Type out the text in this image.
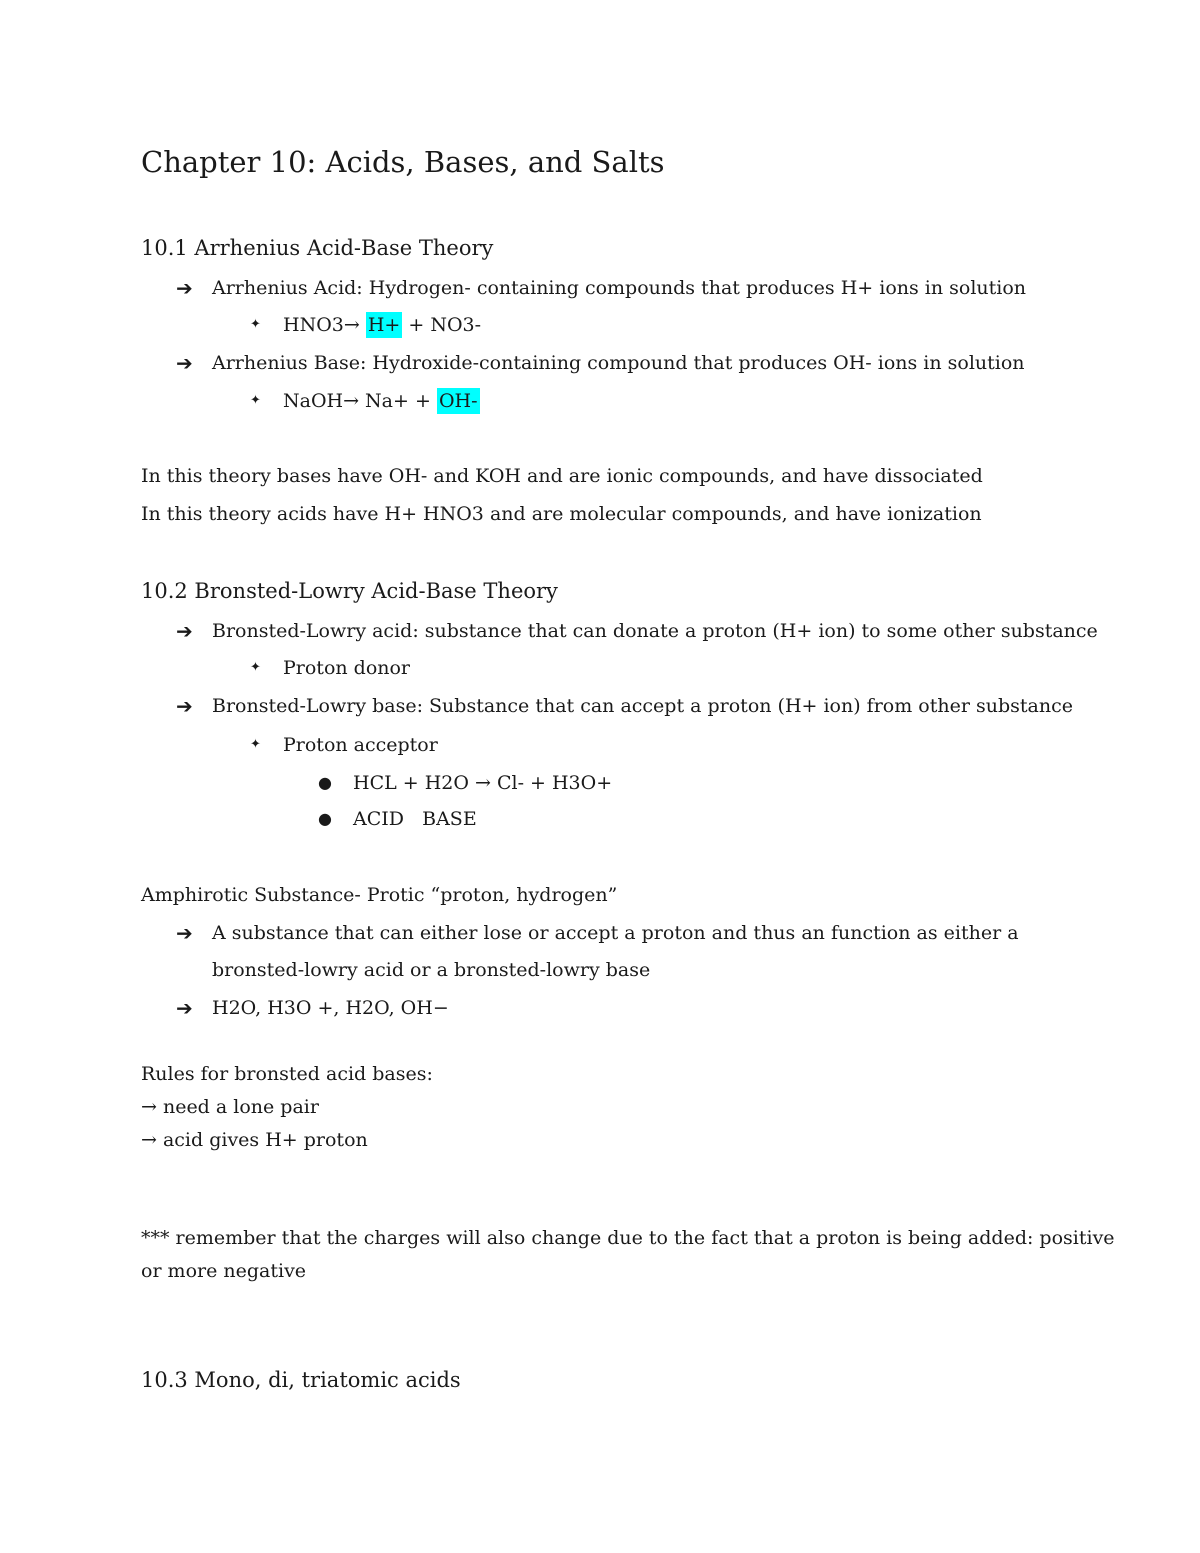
Chapter 10: Acids, Bases, and Salts
10.1 Arrhenius Acid-Base Theory
➔ Arrhenius Acid: Hydrogen- containing compounds that produces H+ ions in solution
✦ HNO3→ H+ + NO3-
➔ Arrhenius Base: Hydroxide-containing compound that produces OH- ions in solution
✦ NaOH→ Na+ + OH-
In this theory bases have OH- and KOH and are ionic compounds, and have dissociated
In this theory acids have H+ HNO3 and are molecular compounds, and have ionization
10.2 Bronsted-Lowry Acid-Base Theory
➔ Bronsted-Lowry acid: substance that can donate a proton (H+ ion) to some other substance
✦ Proton donor
➔ Bronsted-Lowry base: Substance that can accept a proton (H+ ion) from other substance
✦ Proton acceptor
● HCL + H2O → Cl- + H3O+
● ACID   BASE
Amphirotic Substance- Protic “proton, hydrogen”
➔ A substance that can either lose or accept a proton and thus an function as either a
bronsted-lowry acid or a bronsted-lowry base
➔ H2O, H3O +, H2O, OH−
Rules for bronsted acid bases:
→ need a lone pair
→ acid gives H+ proton
*** remember that the charges will also change due to the fact that a proton is being added: positive
or more negative
10.3 Mono, di, triatomic acids
